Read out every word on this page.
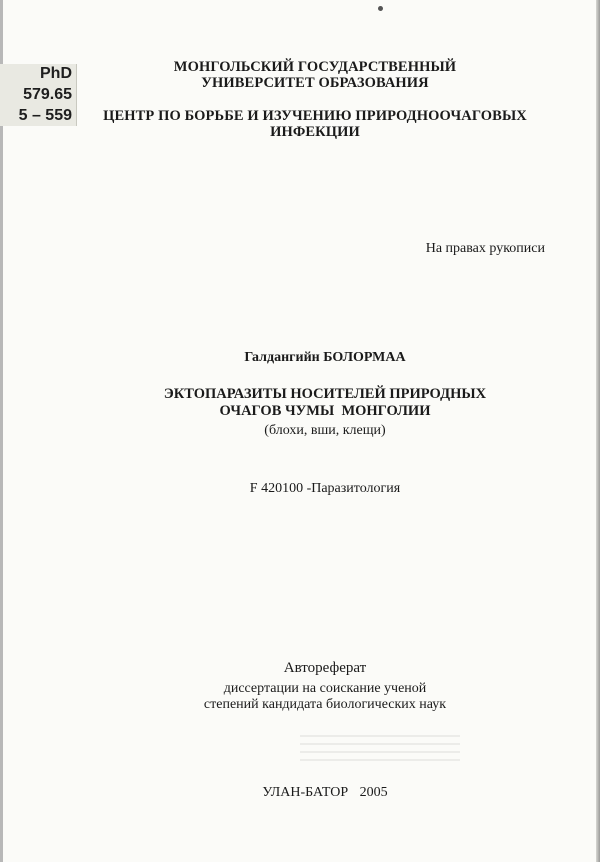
PhD
579.65
5 – 559
МОНГОЛЬСКИЙ ГОСУДАРСТВЕННЫЙ
УНИВЕРСИТЕТ ОБРАЗОВАНИЯ
ЦЕНТР ПО БОРЬБЕ И ИЗУЧЕНИЮ ПРИРОДНООЧАГОВЫХ
ИНФЕКЦИИ
На правах рукописи
Галдангийн БОЛОРМАА
ЭКТОПАРАЗИТЫ НОСИТЕЛЕЙ ПРИРОДНЫХ
ОЧАГОВ ЧУМЫ  МОНГОЛИИ
(блохи, вши, клещи)
F 420100 -Паразитология
Автореферат
диссертации на соискание ученой
степений кандидата биологических наук
УЛАН-БАТОР 2005
